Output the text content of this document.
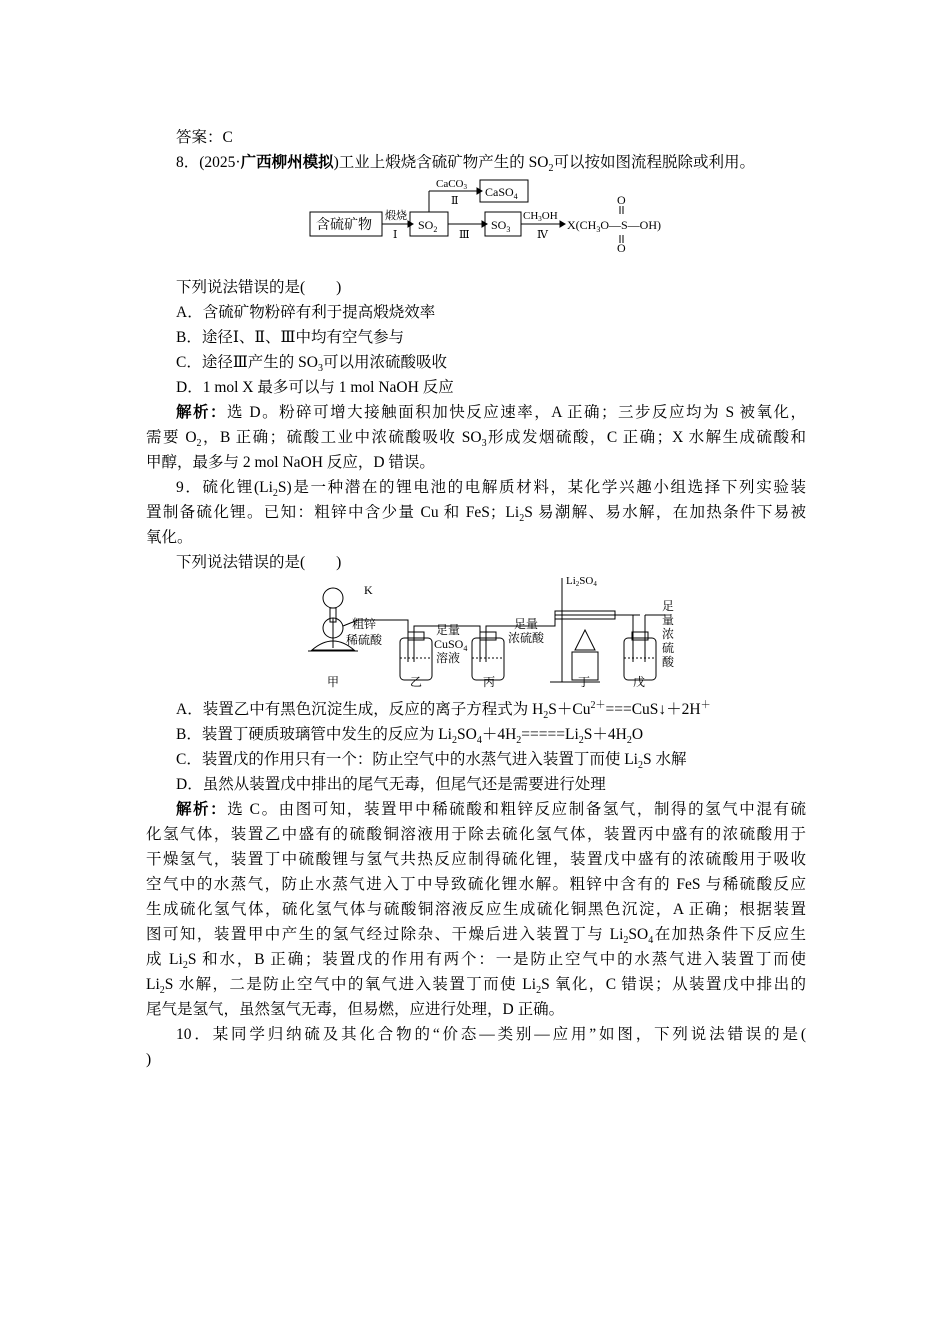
答案：C
8．(2025·广西柳州模拟)工业上煅烧含硫矿物产生的 $SO_2$可以按如图流程脱除或利用。
含硫矿物
煅烧
Ⅰ
$SO_2$
CaCO3
Ⅱ
CaSO$_4$
Ⅲ
$SO_3$
CH3OH
Ⅳ
$X(CH_3O—S—OH)$
O
O
下列说法错误的是(　　)
A．含硫矿物粉碎有利于提高煅烧效率
B．途径Ⅰ、Ⅱ、Ⅲ中均有空气参与
C．途径Ⅲ产生的 $SO_3$可以用浓硫酸吸收
D．1 mol X 最多可以与 1 mol NaOH 反应
解析：选 D。粉碎可增大接触面积加快反应速率，A 正确；三步反应均为 S 被氧化，
需要 $O_2$，B 正确；硫酸工业中浓硫酸吸收 $SO_3$形成发烟硫酸，C 正确；X 水解生成硫酸和
甲醇，最多与 2 mol NaOH 反应，D 错误。
9．硫化锂$(Li_2S)$是一种潜在的锂电池的电解质材料，某化学兴趣小组选择下列实验装
置制备硫化锂。已知：粗锌中含少量 Cu 和 FeS；$Li_2S$ 易潮解、易水解，在加热条件下易被
氧化。
下列说法错误的是(　　)
K
粗锌
稀硫酸
足量
CuSO$_4$
溶液
足量
浓硫酸
Li2SO4
足
量
浓
硫
酸
甲	乙	丙	丁	戊
A．装置乙中有黑色沉淀生成，反应的离子方程式为 $H_2S+Cu^{2+}===CuS↓+2H^+$
B．装置丁硬质玻璃管中发生的反应为 $Li_2SO_4+4H_2=====Li_2S+4H_2O$
C．装置戊的作用只有一个：防止空气中的水蒸气进入装置丁而使 $Li_2S$ 水解
D．虽然从装置戊中排出的尾气无毒，但尾气还是需要进行处理
解析：选 C。由图可知，装置甲中稀硫酸和粗锌反应制备氢气，制得的氢气中混有硫
化氢气体，装置乙中盛有的硫酸铜溶液用于除去硫化氢气体，装置丙中盛有的浓硫酸用于
干燥氢气，装置丁中硫酸锂与氢气共热反应制得硫化锂，装置戊中盛有的浓硫酸用于吸收
空气中的水蒸气，防止水蒸气进入丁中导致硫化锂水解。粗锌中含有的 FeS 与稀硫酸反应
生成硫化氢气体，硫化氢气体与硫酸铜溶液反应生成硫化铜黑色沉淀，A 正确；根据装置
图可知，装置甲中产生的氢气经过除杂、干燥后进入装置丁与 $Li_2SO_4$在加热条件下反应生
成 $Li_2S$ 和水，B 正确；装置戊的作用有两个：一是防止空气中的水蒸气进入装置丁而使
$Li_2S$ 水解，二是防止空气中的氧气进入装置丁而使 $Li_2S$ 氧化，C 错误；从装置戊中排出的
尾气是氢气，虽然氢气无毒，但易燃，应进行处理，D 正确。
10．某同学归纳硫及其化合物的“价态—类别—应用”如图，下列说法错误的是(
)
